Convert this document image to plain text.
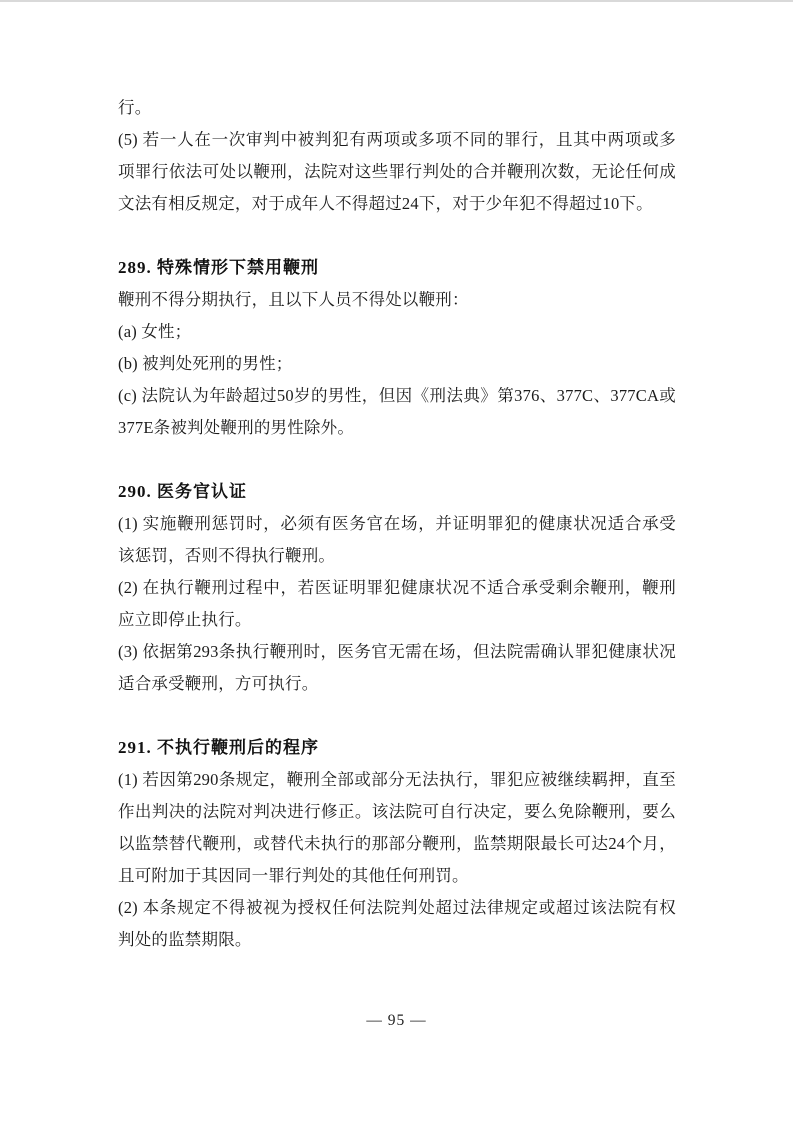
行。

(5) 若一人在一次审判中被判犯有两项或多项不同的罪行，且其中两项或多项罪行依法可处以鞭刑，法院对这些罪行判处的合并鞭刑次数，无论任何成文法有相反规定，对于成年人不得超过24下，对于少年犯不得超过10下。

289. 特殊情形下禁用鞭刑

鞭刑不得分期执行，且以下人员不得处以鞭刑：

(a) 女性；

(b) 被判处死刑的男性；

(c) 法院认为年龄超过50岁的男性，但因《刑法典》第376、377C、377CA或377E条被判处鞭刑的男性除外。

290. 医务官认证

(1) 实施鞭刑惩罚时，必须有医务官在场，并证明罪犯的健康状况适合承受该惩罚，否则不得执行鞭刑。

(2) 在执行鞭刑过程中，若医证明罪犯健康状况不适合承受剩余鞭刑，鞭刑应立即停止执行。

(3) 依据第293条执行鞭刑时，医务官无需在场，但法院需确认罪犯健康状况适合承受鞭刑，方可执行。

291. 不执行鞭刑后的程序

(1) 若因第290条规定，鞭刑全部或部分无法执行，罪犯应被继续羁押，直至作出判决的法院对判决进行修正。该法院可自行决定，要么免除鞭刑，要么以监禁替代鞭刑，或替代未执行的那部分鞭刑，监禁期限最长可达24个月，且可附加于其因同一罪行判处的其他任何刑罚。

(2) 本条规定不得被视为授权任何法院判处超过法律规定或超过该法院有权判处的监禁期限。

— 95 —
